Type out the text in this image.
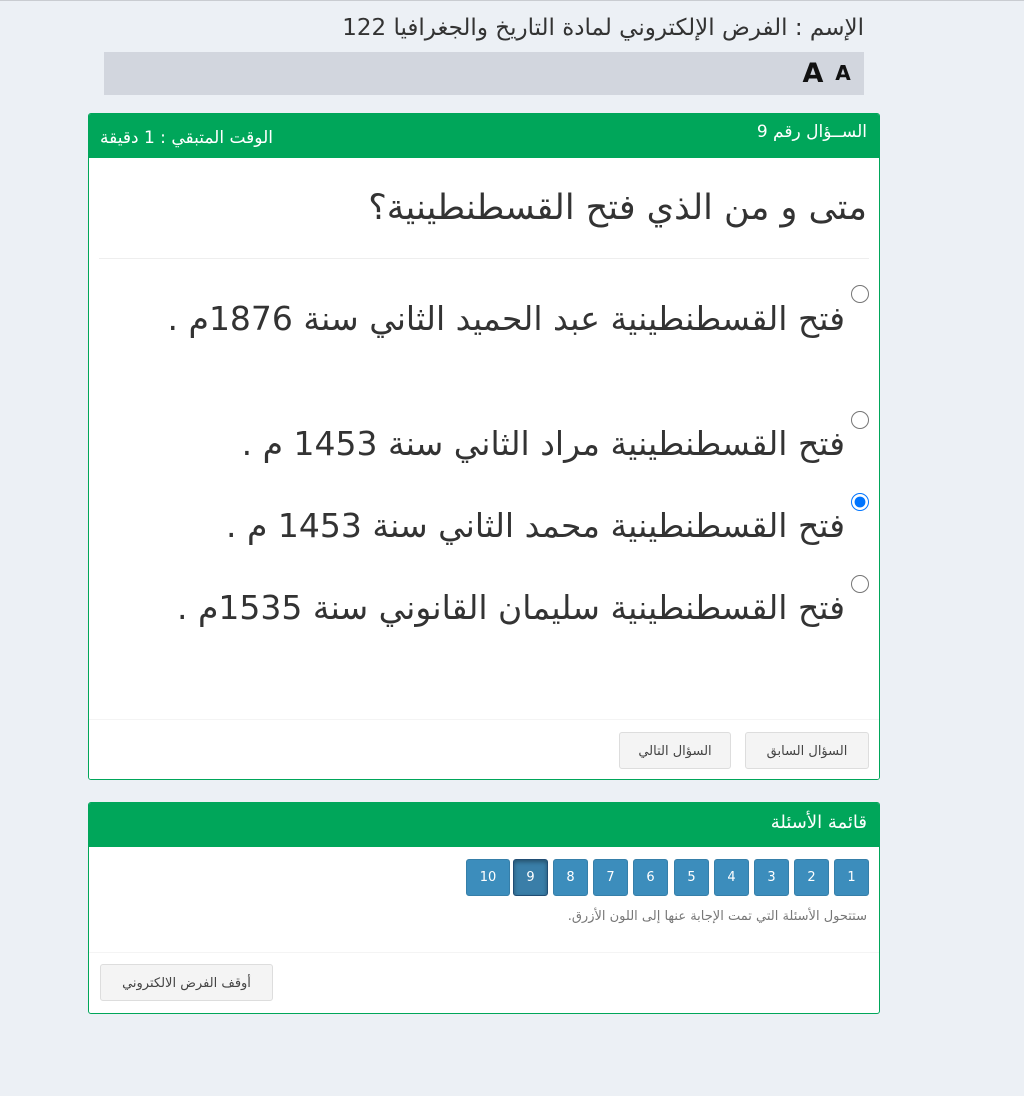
الإسم : الفرض الإلكتروني لمادة التاريخ والجغرافيا 122
A A
الســؤال رقم 9
الوقت المتبقي : 1 دقيقة
متى و من الذي فتح القسطنطينية؟
فتح القسطنطينية عبد الحميد الثاني سنة 1876م .
فتح القسطنطينية مراد الثاني سنة 1453 م .
فتح القسطنطينية محمد الثاني سنة 1453 م .
فتح القسطنطينية سليمان القانوني سنة 1535م .
السؤال السابق
السؤال التالي
قائمة الأسئلة
1
2
3
4
5
6
7
8
9
10
ستتحول الأسئلة التي تمت الإجابة عنها إلى اللون الأزرق.
أوقف الفرض الالكتروني
